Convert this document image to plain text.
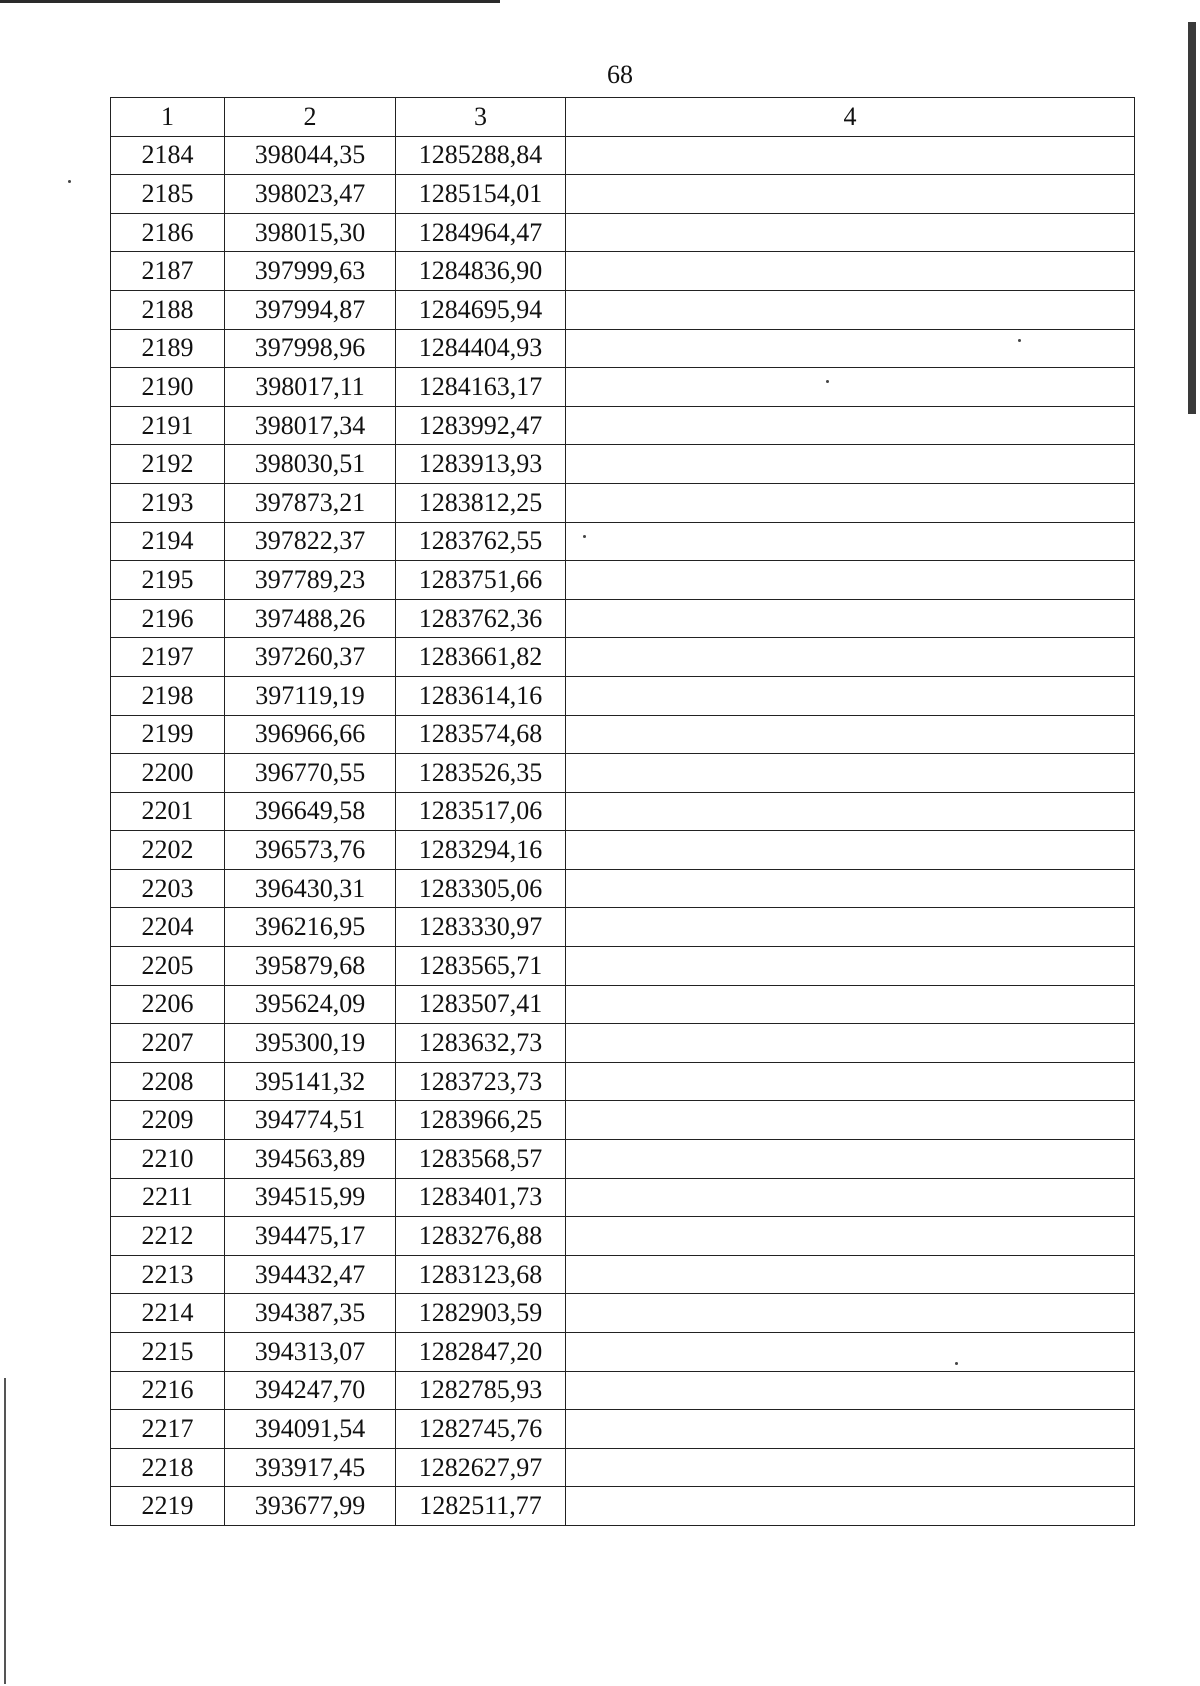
68
1	2	3	4
2184	398044,35	1285288,84	
2185	398023,47	1285154,01	
2186	398015,30	1284964,47	
2187	397999,63	1284836,90	
2188	397994,87	1284695,94	
2189	397998,96	1284404,93	
2190	398017,11	1284163,17	
2191	398017,34	1283992,47	
2192	398030,51	1283913,93	
2193	397873,21	1283812,25	
2194	397822,37	1283762,55	
2195	397789,23	1283751,66	
2196	397488,26	1283762,36	
2197	397260,37	1283661,82	
2198	397119,19	1283614,16	
2199	396966,66	1283574,68	
2200	396770,55	1283526,35	
2201	396649,58	1283517,06	
2202	396573,76	1283294,16	
2203	396430,31	1283305,06	
2204	396216,95	1283330,97	
2205	395879,68	1283565,71	
2206	395624,09	1283507,41	
2207	395300,19	1283632,73	
2208	395141,32	1283723,73	
2209	394774,51	1283966,25	
2210	394563,89	1283568,57	
2211	394515,99	1283401,73	
2212	394475,17	1283276,88	
2213	394432,47	1283123,68	
2214	394387,35	1282903,59	
2215	394313,07	1282847,20	
2216	394247,70	1282785,93	
2217	394091,54	1282745,76	
2218	393917,45	1282627,97	
2219	393677,99	1282511,77	
